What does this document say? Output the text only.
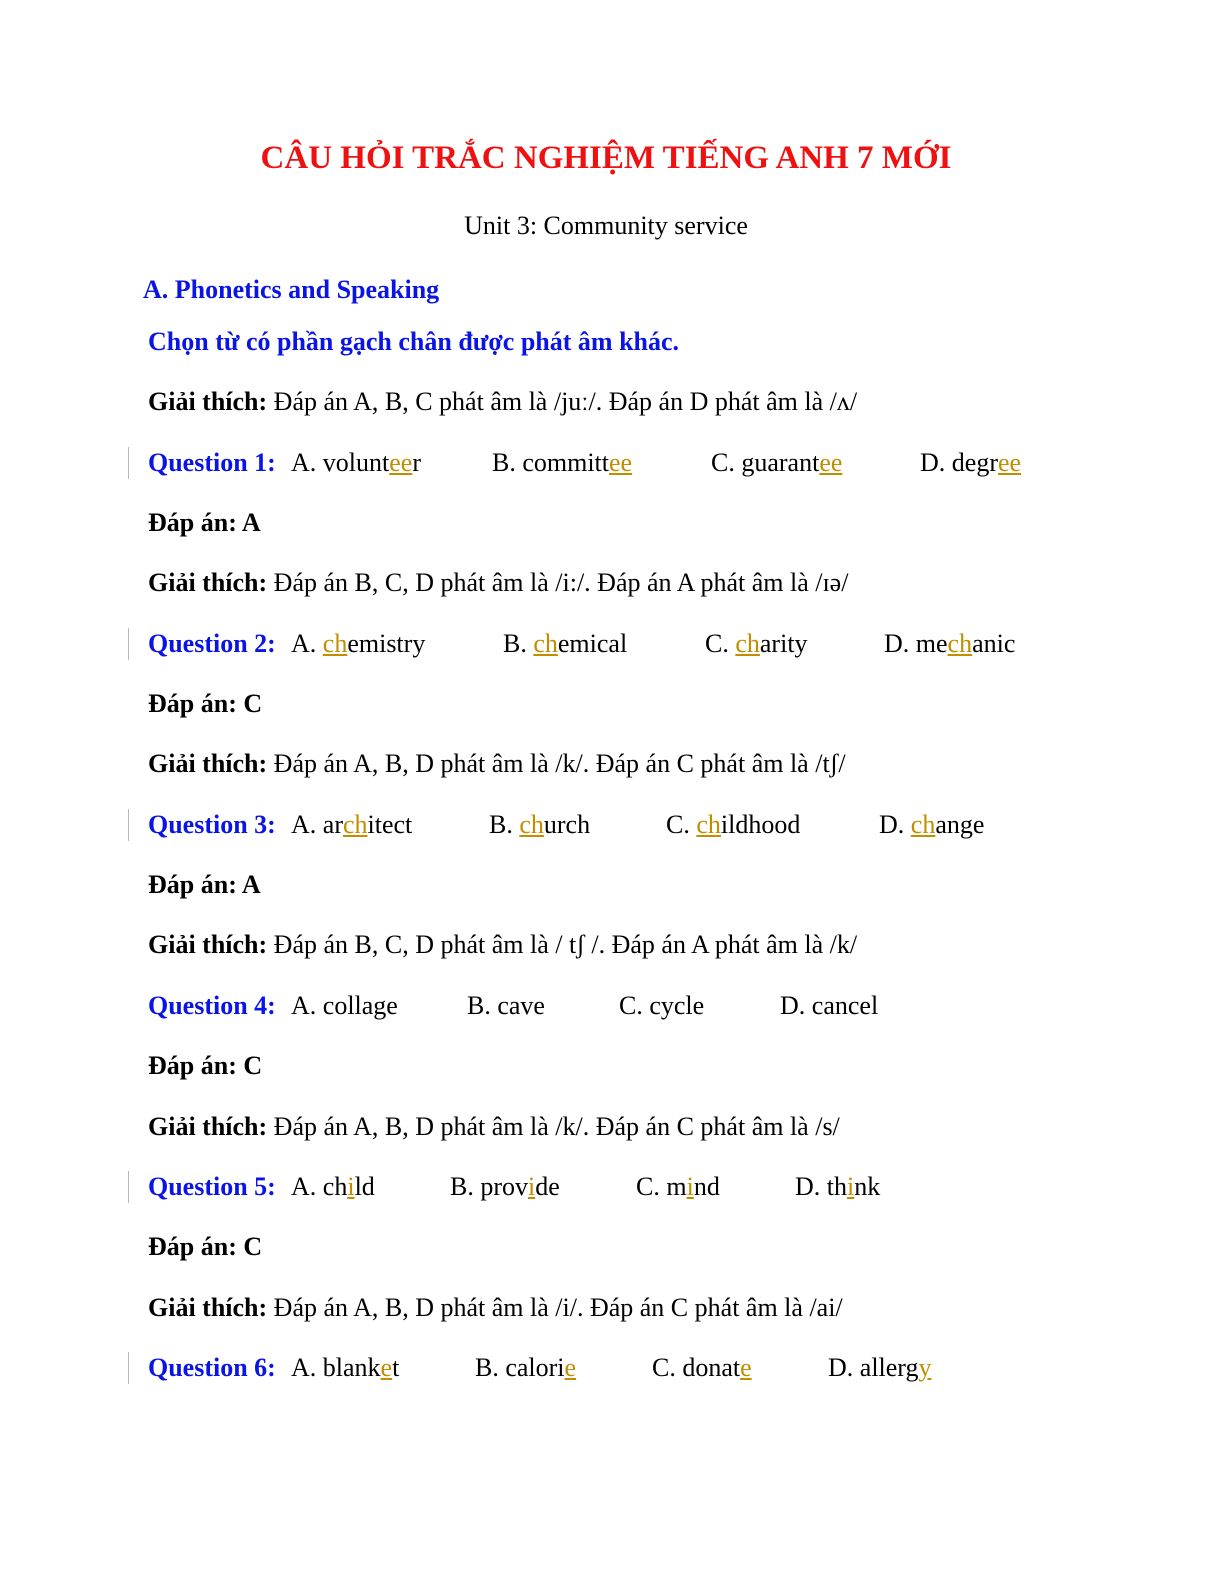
CÂU HỎI TRẮC NGHIỆM TIẾNG ANH 7 MỚI
Unit 3: Community service
A. Phonetics and Speaking
Chọn từ có phần gạch chân được phát âm khác.
Giải thích: Đáp án A, B, C phát âm là /juː/. Đáp án D phát âm là /ʌ/
Question 1: A. volunteer	B. committee	C. guarantee	D. degree
Đáp án: A
Giải thích: Đáp án B, C, D phát âm là /i:/. Đáp án A phát âm là /ɪə/
Question 2: A. chemistry	B. chemical	C. charity	D. mechanic
Đáp án: C
Giải thích: Đáp án A, B, D phát âm là /k/. Đáp án C phát âm là /tʃ/
Question 3: A. architect	B. church	C. childhood	D. change
Đáp án: A
Giải thích: Đáp án B, C, D phát âm là / tʃ /. Đáp án A phát âm là /k/
Question 4: A. collage	B. cave	C. cycle	D. cancel
Đáp án: C
Giải thích: Đáp án A, B, D phát âm là /k/. Đáp án C phát âm là /s/
Question 5: A. child	B. provide	C. mind	D. think
Đáp án: C
Giải thích: Đáp án A, B, D phát âm là /i/. Đáp án C phát âm là /ai/
Question 6: A. blanket	B. calorie	C. donate	D. allergy
